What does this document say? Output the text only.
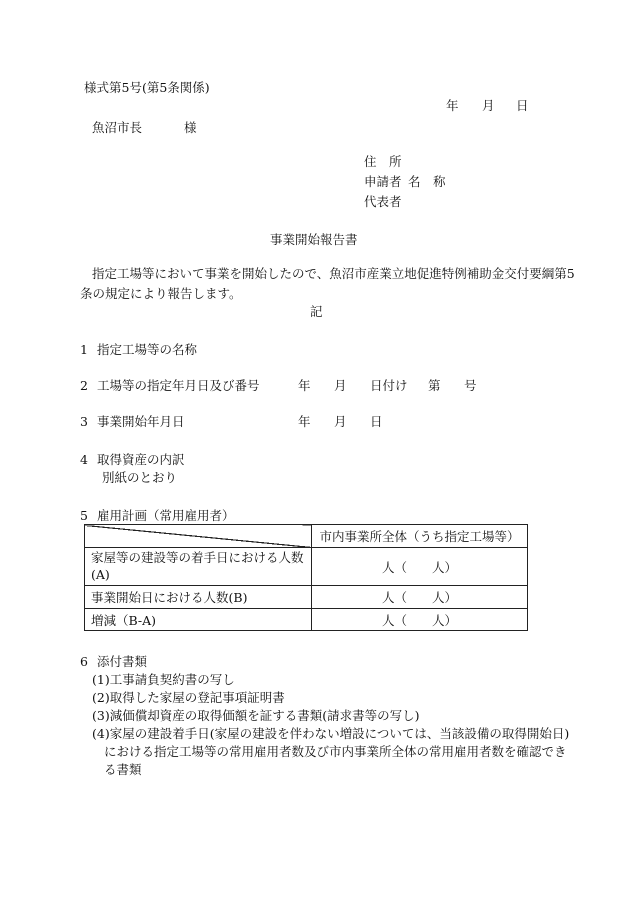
様式第5号(第5条関係)
年 月 日
魚沼市長	様
住　所
申請者 名　称
代表者
事業開始報告書
指定工場等において事業を開始したので、魚沼市産業立地促進特例補助金交付要綱第5
条の規定により報告します。
記
1 指定工場等の名称
2 工場等の指定年月日及び番号	年 月 日付け 第 号
3 事業開始年月日	年 月 日
4 取得資産の内訳
別紙のとおり
5 雇用計画（常用雇用者）
	市内事業所全体（うち指定工場等）
家屋等の建設等の着手日における人数
(A)	人（　　人）
事業開始日における人数(B)	人（　　人）
増減（B-A)	人（　　人）
6 添付書類
(1)工事請負契約書の写し
(2)取得した家屋の登記事項証明書
(3)減価償却資産の取得価額を証する書類(請求書等の写し)
(4)家屋の建設着手日(家屋の建設を伴わない増設については、当該設備の取得開始日)
における指定工場等の常用雇用者数及び市内事業所全体の常用雇用者数を確認でき
る書類
